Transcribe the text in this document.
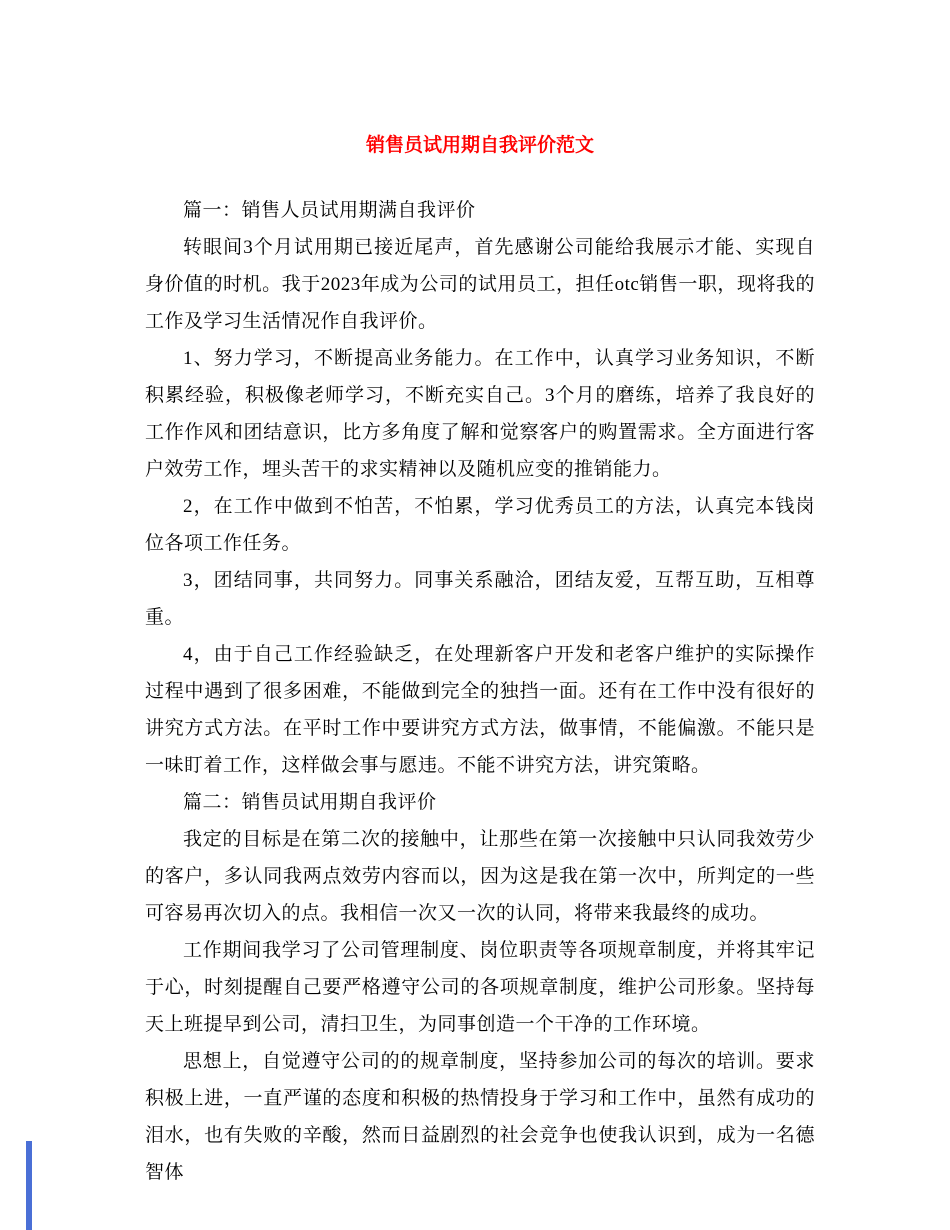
销售员试用期自我评价范文

篇一：销售人员试用期满自我评价

转眼间3个月试用期已接近尾声，首先感谢公司能给我展示才能、实现自身价值的时机。我于2023年成为公司的试用员工，担任otc销售一职，现将我的工作及学习生活情况作自我评价。

1、努力学习，不断提高业务能力。在工作中，认真学习业务知识，不断积累经验，积极像老师学习，不断充实自己。3个月的磨练，培养了我良好的工作作风和团结意识，比方多角度了解和觉察客户的购置需求。全方面进行客户效劳工作，埋头苦干的求实精神以及随机应变的推销能力。

2，在工作中做到不怕苦，不怕累，学习优秀员工的方法，认真完本钱岗位各项工作任务。

3，团结同事，共同努力。同事关系融洽，团结友爱，互帮互助，互相尊重。

4，由于自己工作经验缺乏，在处理新客户开发和老客户维护的实际操作过程中遇到了很多困难，不能做到完全的独挡一面。还有在工作中没有很好的讲究方式方法。在平时工作中要讲究方式方法，做事情，不能偏激。不能只是一味盯着工作，这样做会事与愿违。不能不讲究方法，讲究策略。

篇二：销售员试用期自我评价

我定的目标是在第二次的接触中，让那些在第一次接触中只认同我效劳少的客户，多认同我两点效劳内容而以，因为这是我在第一次中，所判定的一些可容易再次切入的点。我相信一次又一次的认同，将带来我最终的成功。

工作期间我学习了公司管理制度、岗位职责等各项规章制度，并将其牢记于心，时刻提醒自己要严格遵守公司的各项规章制度，维护公司形象。坚持每天上班提早到公司，清扫卫生，为同事创造一个干净的工作环境。

思想上，自觉遵守公司的的规章制度，坚持参加公司的每次的培训。要求积极上进，一直严谨的态度和积极的热情投身于学习和工作中，虽然有成功的泪水，也有失败的辛酸，然而日益剧烈的社会竞争也使我认识到，成为一名德智体
